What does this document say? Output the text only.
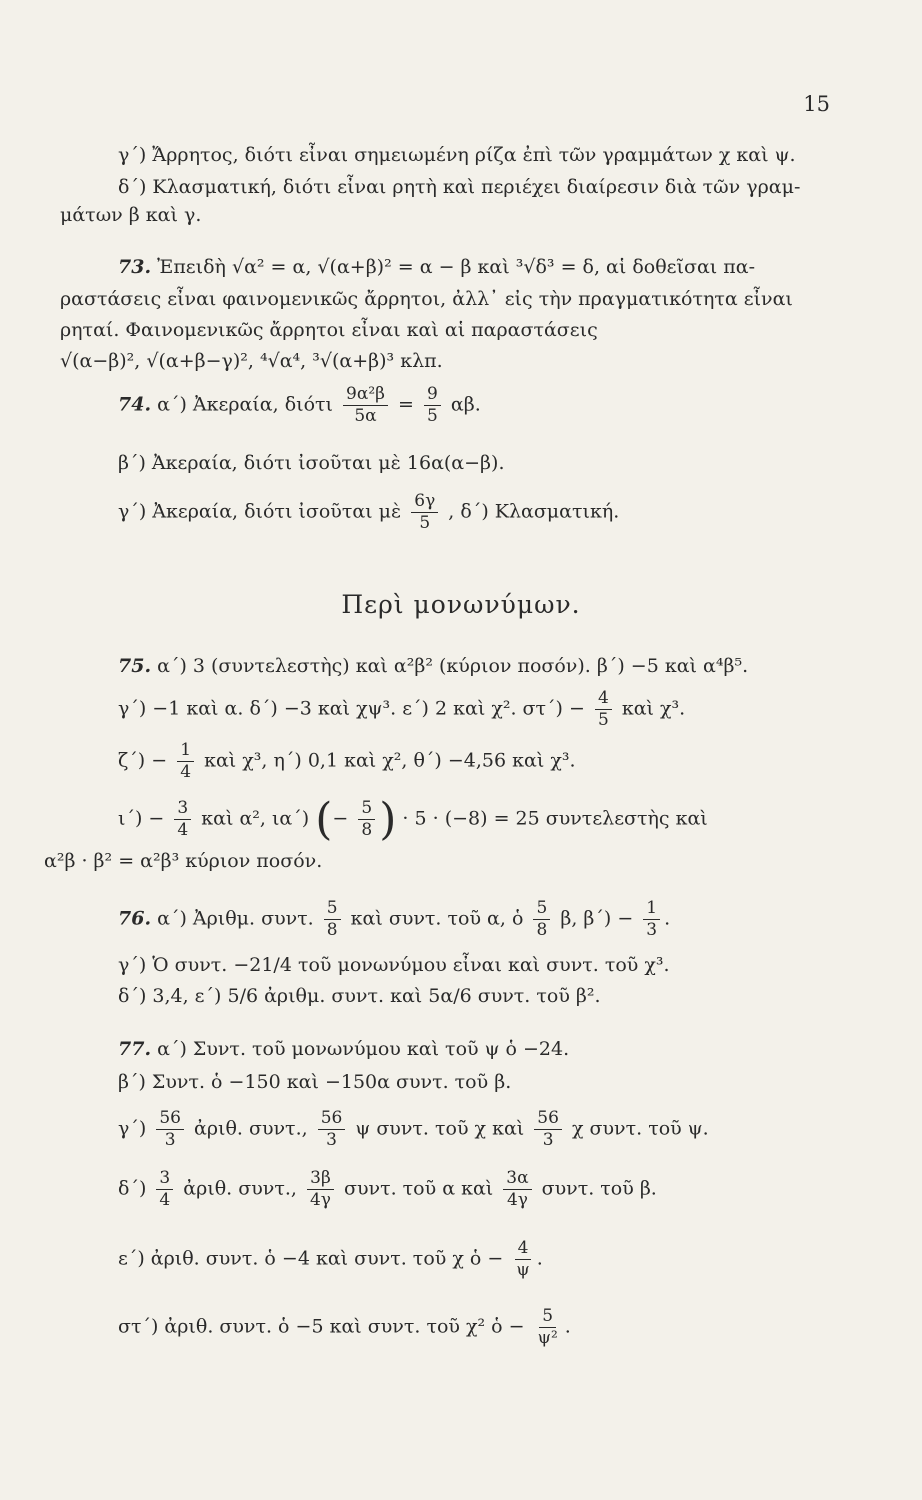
15
γ΄) Ἄρρητος, διότι εἶναι σημειωμένη ρίζα ἐπὶ τῶν γραμμάτων χ καὶ ψ.
δ΄) Κλασματική, διότι εἶναι ρητὴ καὶ περιέχει διαίρεσιν διὰ τῶν γραμ-
μάτων β καὶ γ.
73. Ἐπειδὴ √α² = α, √(α+β)² = α − β καὶ ³√δ³ = δ, αἱ δοθεῖσαι πα-
ραστάσεις εἶναι φαινομενικῶς ἄρρητοι, ἀλλ᾽ εἰς τὴν πραγματικότητα εἶναι
ρηταί. Φαινομενικῶς ἄρρητοι εἶναι καὶ αἱ παραστάσεις
√(α−β)², √(α+β−γ)², ⁴√α⁴, ³√(α+β)³ κλπ.
74. α΄) Ἀκεραία, διότι $\frac{\text{9α²β}}{5\alpha} = \frac{9}{5} \alpha\beta$.
β΄) Ἀκεραία, διότι ἰσοῦται μὲ 16α(α−β).
γ΄) Ἀκεραία, διότι ἰσοῦται μὲ $\frac{6\gamma}{5}$ , δ΄) Κλασματική.
Περὶ μονωνύμων.
75. α΄) 3 (συντελεστὴς) καὶ α²β² (κύριον ποσόν). β΄) −5 καὶ α⁴β⁵.
γ΄) −1 καὶ α. δ΄) −3 καὶ χψ³. ε΄) 2 καὶ χ². $\sigma\tau΄) - \frac{4}{5}$ καὶ χ³.
$\zeta΄) - \frac{1}{4}$ καὶ χ³, η΄) 0,1 καὶ χ², θ΄) −4,56 καὶ χ³.
$\iota΄) - \frac{3}{4}$ καὶ α², ια΄) (− $\frac{5}{8}$ ) · 5 · (−8) = 25 συντελεστὴς καὶ
α²β · β² = α²β³ κύριον ποσόν.
76. α΄) Ἀριθμ. συντ. $\frac{5}{8}$ καὶ συντ. τοῦ α, ὁ $\frac{5}{8} \beta$, $\beta΄) - \frac{1}{3}$ .
γ΄) Ὁ συντ. −21/4 τοῦ μονωνύμου εἶναι καὶ συντ. τοῦ χ³.
δ΄) 3,4, ε΄) 5/6 ἀριθμ. συντ. καὶ 5α/6 συντ. τοῦ β².
77. α΄) Συντ. τοῦ μονωνύμου καὶ τοῦ ψ ὁ −24.
β΄) Συντ. ὁ −150 καὶ −150α συντ. τοῦ β.
$\gamma΄) \frac{56}{3}$ ἀριθ. συντ., $\frac{56}{3}$ ψ συντ. τοῦ χ καὶ $\frac{56}{3}$ χ συντ. τοῦ ψ.
$\delta΄) \frac{3}{4}$ ἀριθ. συντ., $\frac{3\beta}{4\gamma} \sigma\upsilon\nu\tau$. τοῦ α καὶ $\frac{3\alpha}{4\gamma} \sigma\upsilon\nu\tau$. τοῦ β.
ε΄) ἀριθ. συντ. ὁ −4 καὶ συντ. τοῦ χ ὁ − $\frac{4}{\psi}$ .
στ΄) ἀριθ. συντ. ὁ −5 καὶ συντ. τοῦ χ² ὁ − $\frac{5}{\text{ψ²}}$ .
